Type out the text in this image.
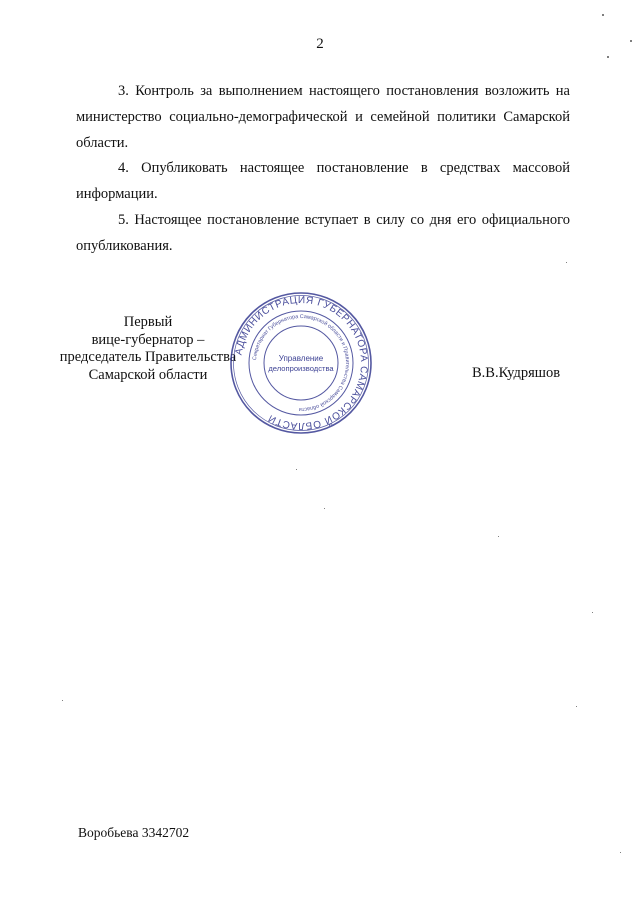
2

3. Контроль за выполнением настоящего постановления возложить на министерство социально-демографической и семейной политики Самарской области.

4. Опубликовать настоящее постановление в средствах массовой информации.

5. Настоящее постановление вступает в силу со дня его официального опубликования.

Первый
вице-губернатор –
председатель Правительства
Самарской области
АДМИНИСТРАЦИЯ ГУБЕРНАТОРА САМАРСКОЙ ОБЛАСТИ
Секретариат Губернатора Самарской области и Правительства Самарской области
Управление
делопроизводства	В.В.Кудряшов
Воробьева 3342702
